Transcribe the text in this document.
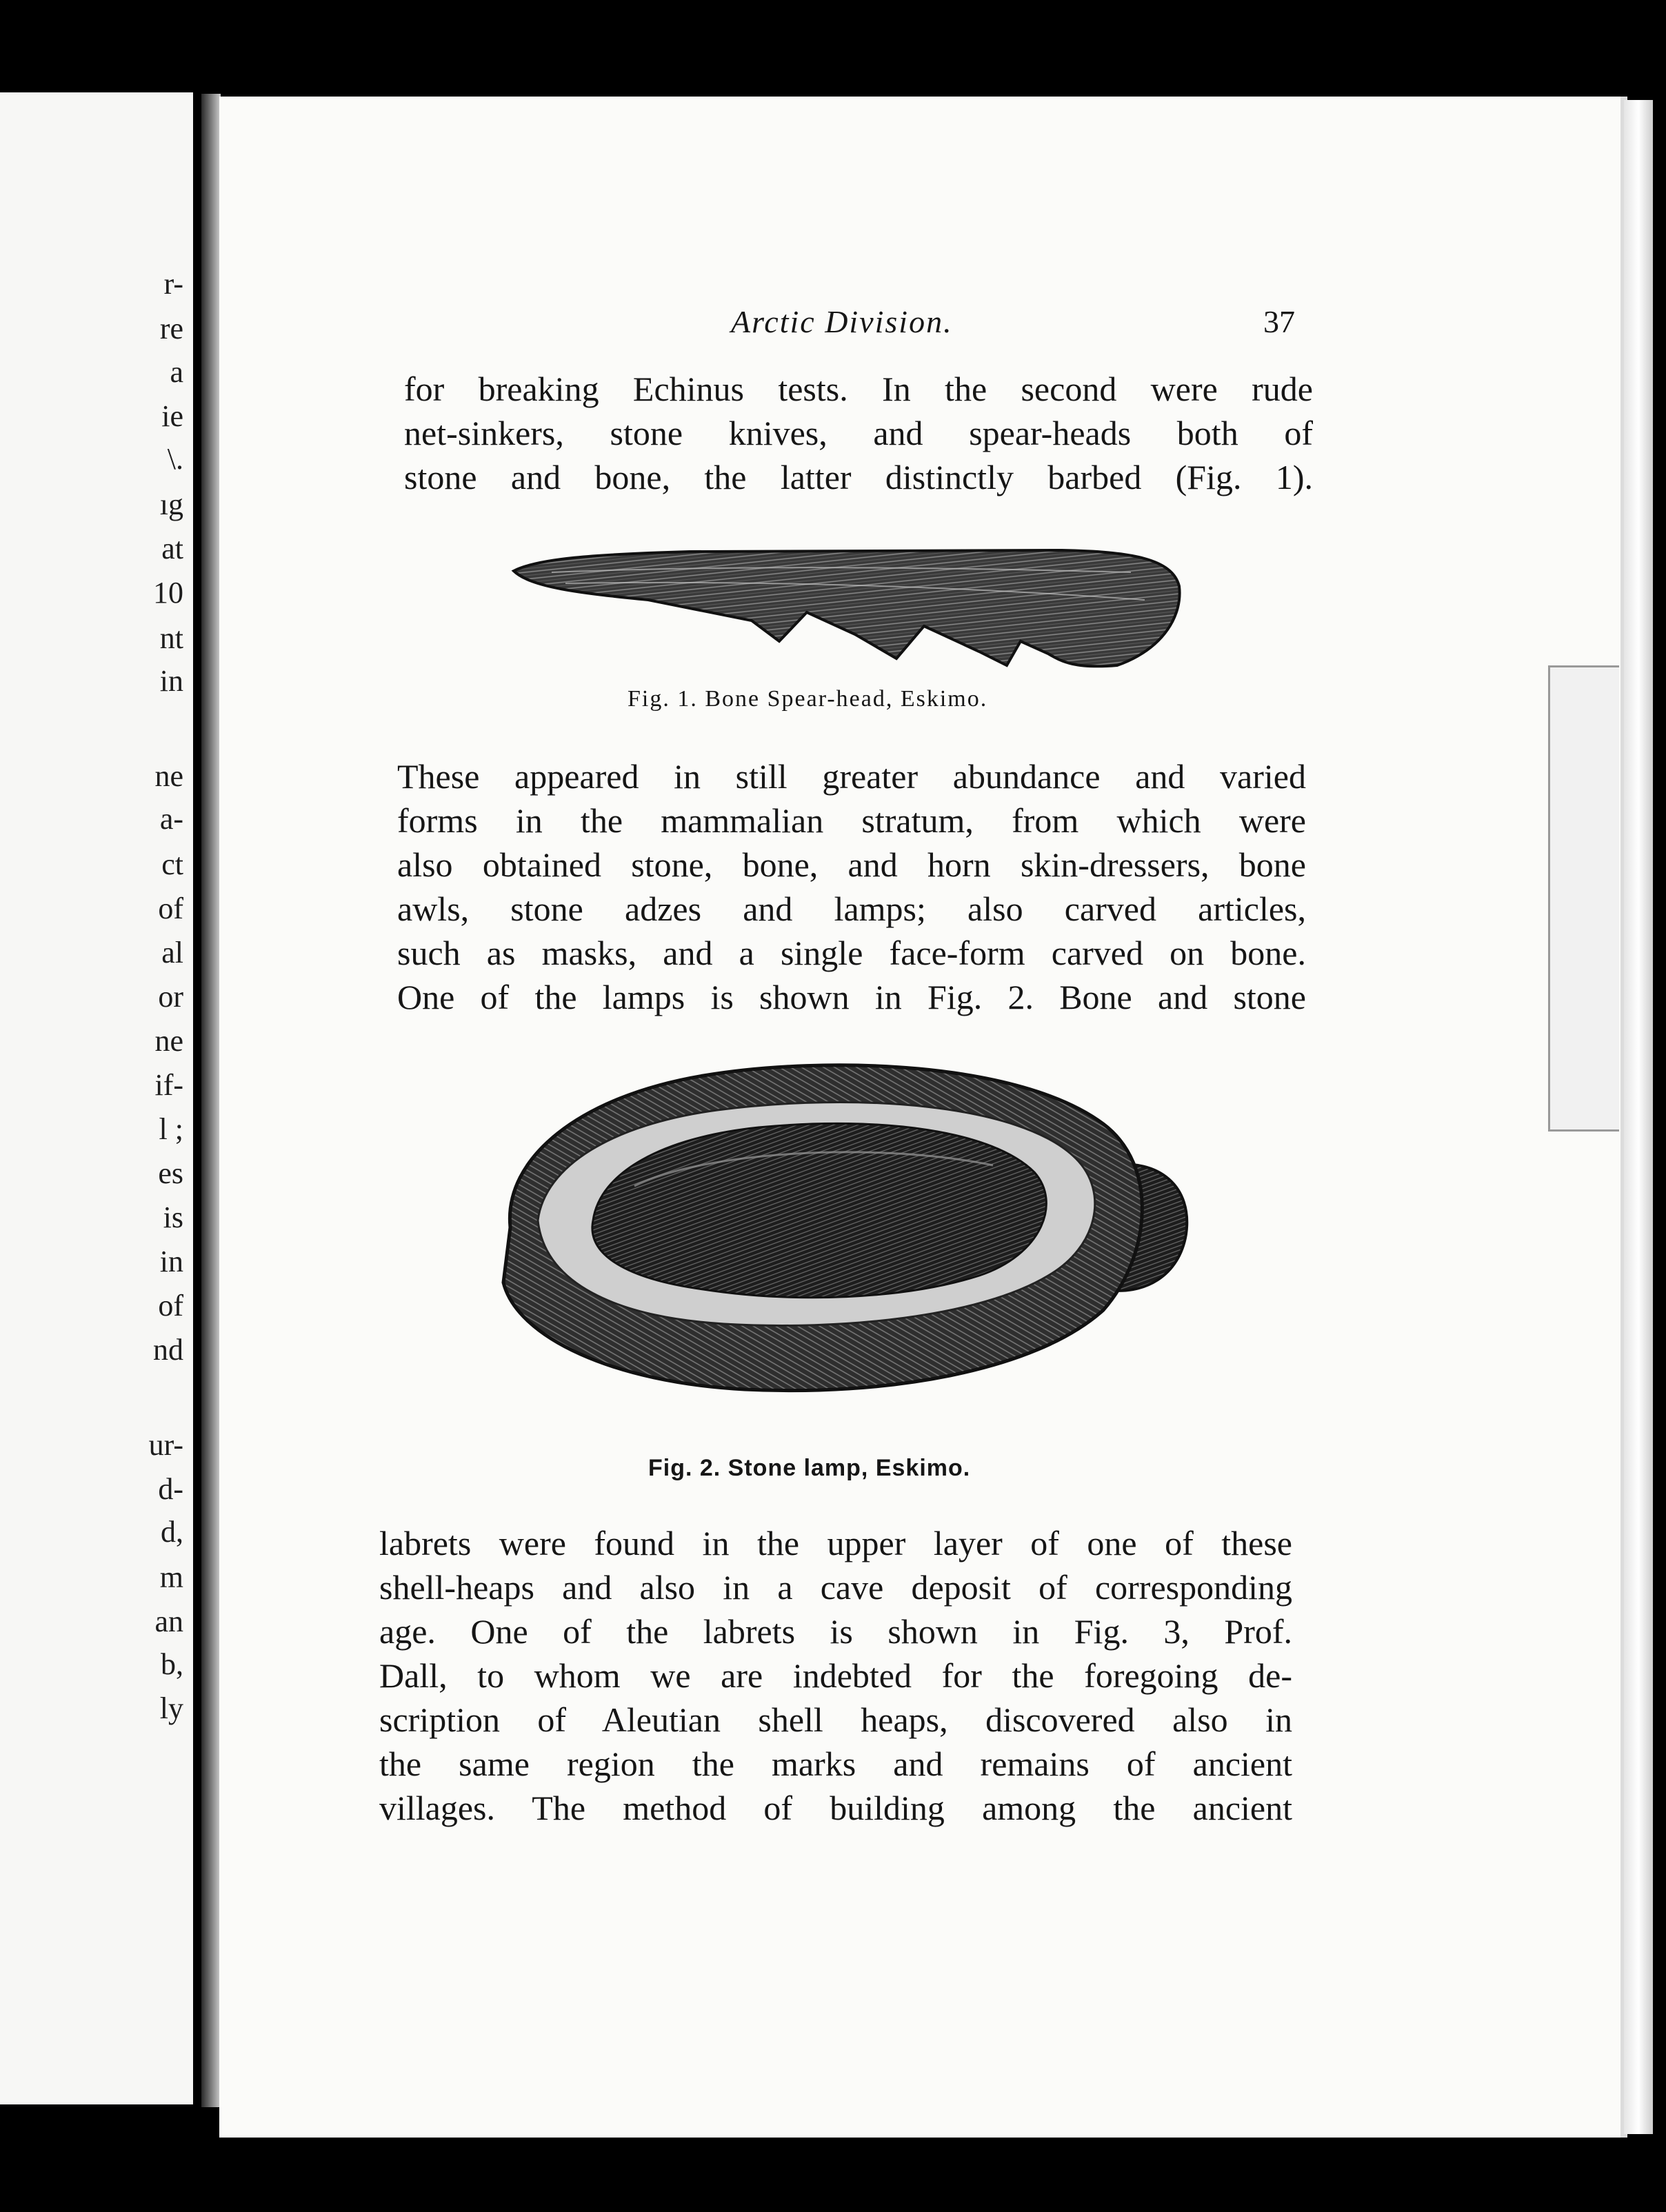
r-
re
a
ie
\.
ıg
at
10
nt
in
ne
a-
ct
of
al
or
ne
if-
l ;
es
is
in
of
nd
ur-
d-
d,
m
an
b,
ly
Arctic Division.	37
for breaking Echinus tests. In the second were rude
net-sinkers, stone knives, and spear-heads both of
stone and bone, the latter distinctly barbed (Fig. 1).
Fig. 1. Bone Spear-head, Eskimo.
These appeared in still greater abundance and varied
forms in the mammalian stratum, from which were
also obtained stone, bone, and horn skin-dressers, bone
awls, stone adzes and lamps; also carved articles,
such as masks, and a single face-form carved on bone.
One of the lamps is shown in Fig. 2. Bone and stone
Fig. 2. Stone lamp, Eskimo.
labrets were found in the upper layer of one of these
shell-heaps and also in a cave deposit of corresponding
age. One of the labrets is shown in Fig. 3, Prof.
Dall, to whom we are indebted for the foregoing de-
scription of Aleutian shell heaps, discovered also in
the same region the marks and remains of ancient
villages. The method of building among the ancient
